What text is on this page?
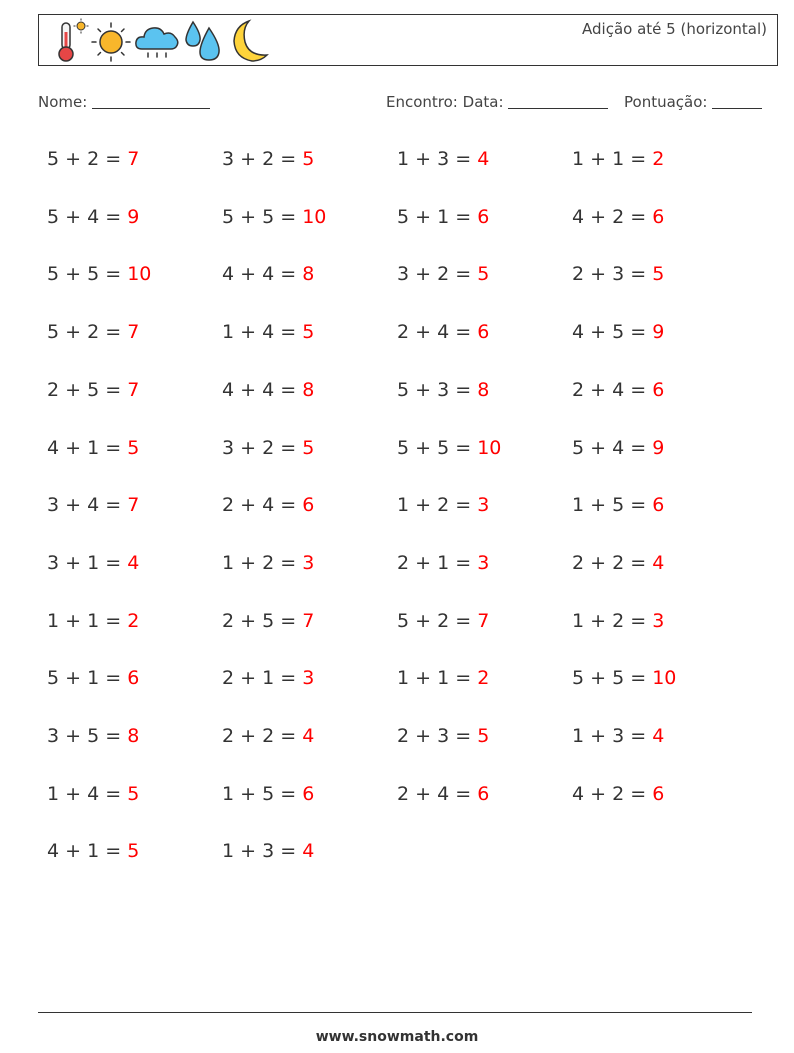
Adição até 5 (horizontal)
Nome:	Encontro: Data:	Pontuação:
5 + 2 = 7	3 + 2 = 5	1 + 3 = 4	1 + 1 = 2
5 + 4 = 9	5 + 5 = 10	5 + 1 = 6	4 + 2 = 6
5 + 5 = 10	4 + 4 = 8	3 + 2 = 5	2 + 3 = 5
5 + 2 = 7	1 + 4 = 5	2 + 4 = 6	4 + 5 = 9
2 + 5 = 7	4 + 4 = 8	5 + 3 = 8	2 + 4 = 6
4 + 1 = 5	3 + 2 = 5	5 + 5 = 10	5 + 4 = 9
3 + 4 = 7	2 + 4 = 6	1 + 2 = 3	1 + 5 = 6
3 + 1 = 4	1 + 2 = 3	2 + 1 = 3	2 + 2 = 4
1 + 1 = 2	2 + 5 = 7	5 + 2 = 7	1 + 2 = 3
5 + 1 = 6	2 + 1 = 3	1 + 1 = 2	5 + 5 = 10
3 + 5 = 8	2 + 2 = 4	2 + 3 = 5	1 + 3 = 4
1 + 4 = 5	1 + 5 = 6	2 + 4 = 6	4 + 2 = 6
4 + 1 = 5	1 + 3 = 4
www.snowmath.com
